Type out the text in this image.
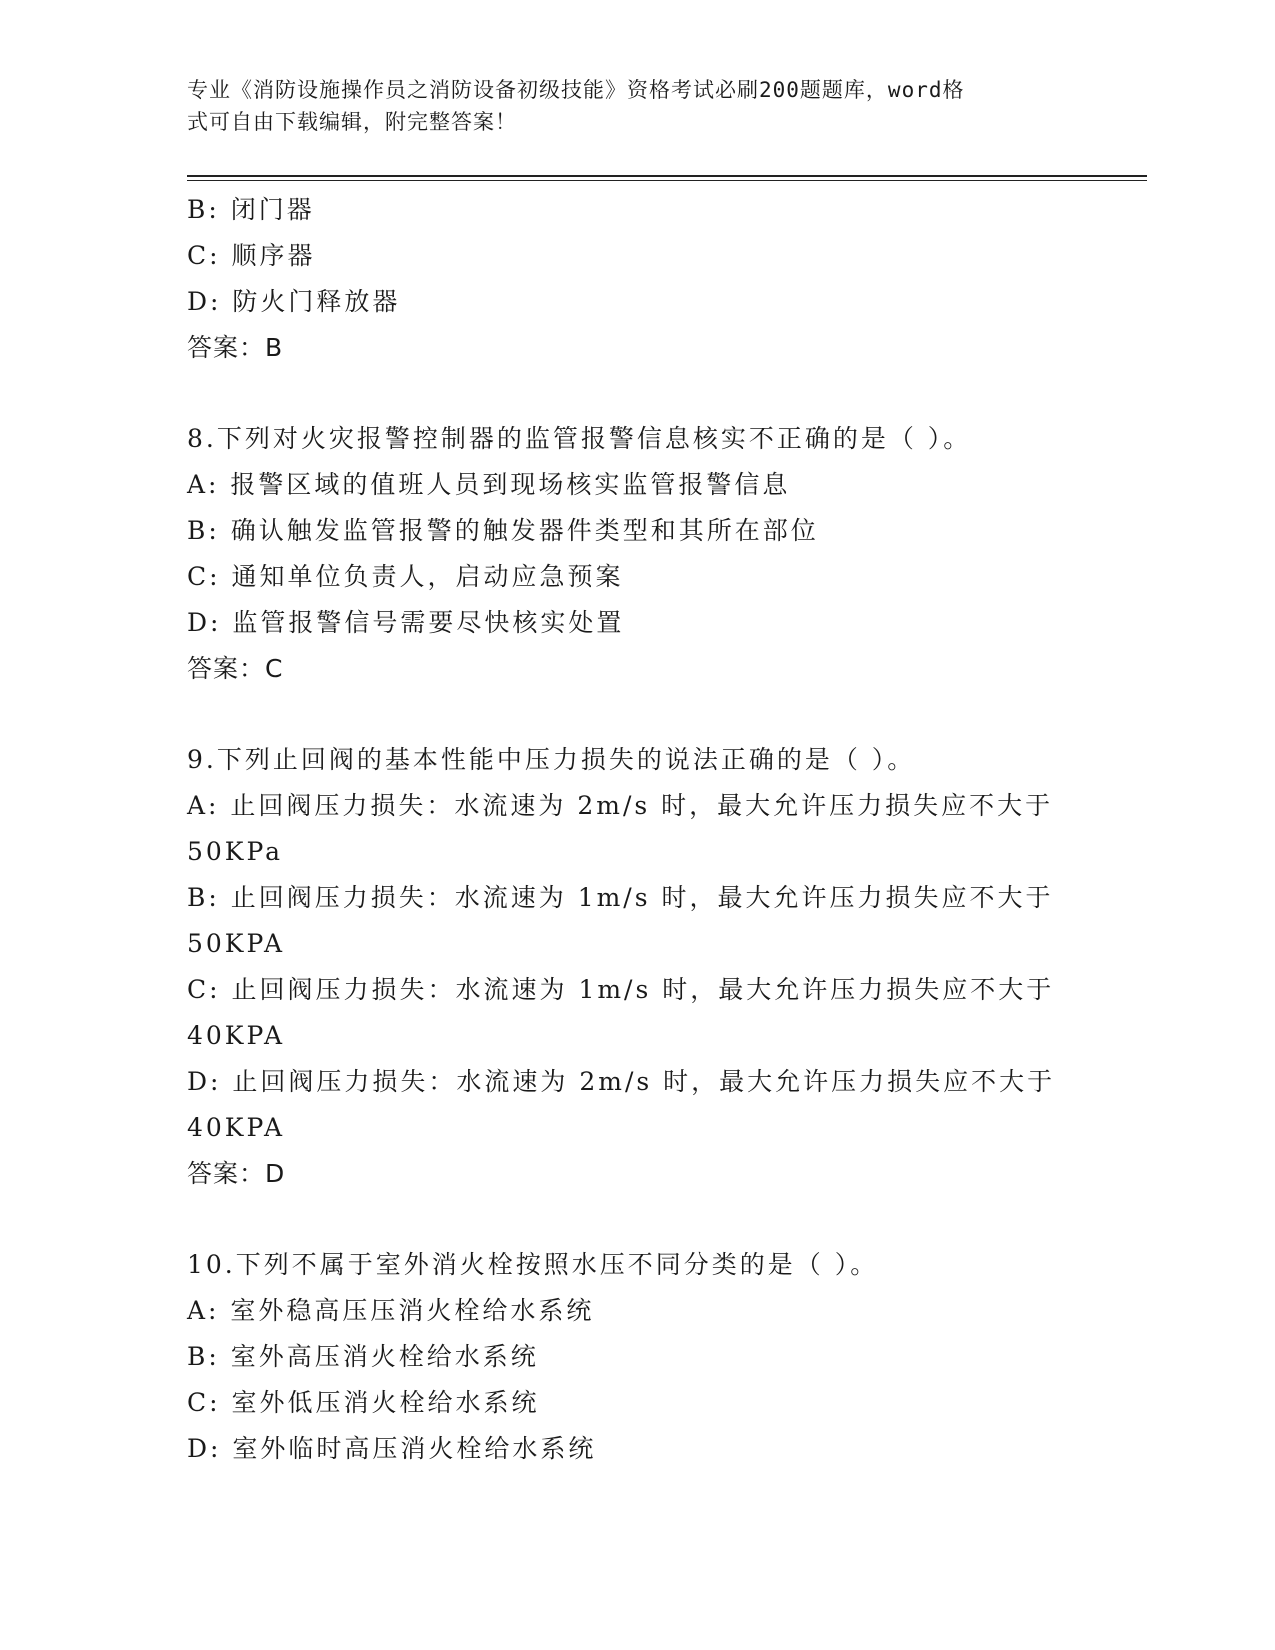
专业《消防设施操作员之消防设备初级技能》资格考试必刷200题题库，word格
式可自由下载编辑，附完整答案！
B: 闭门器
C: 顺序器
D: 防火门释放器
答案：B
8.下列对火灾报警控制器的监管报警信息核实不正确的是（ ）。
A: 报警区域的值班人员到现场核实监管报警信息
B: 确认触发监管报警的触发器件类型和其所在部位
C: 通知单位负责人，启动应急预案
D: 监管报警信号需要尽快核实处置
答案：C
9.下列止回阀的基本性能中压力损失的说法正确的是（ ）。
A: 止回阀压力损失：水流速为 2m/s 时，最大允许压力损失应不大于
50KPa
B: 止回阀压力损失：水流速为 1m/s 时，最大允许压力损失应不大于
50KPA
C: 止回阀压力损失：水流速为 1m/s 时，最大允许压力损失应不大于
40KPA
D: 止回阀压力损失：水流速为 2m/s 时，最大允许压力损失应不大于
40KPA
答案：D
10.下列不属于室外消火栓按照水压不同分类的是（ ）。
A: 室外稳高压压消火栓给水系统
B: 室外高压消火栓给水系统
C: 室外低压消火栓给水系统
D: 室外临时高压消火栓给水系统
